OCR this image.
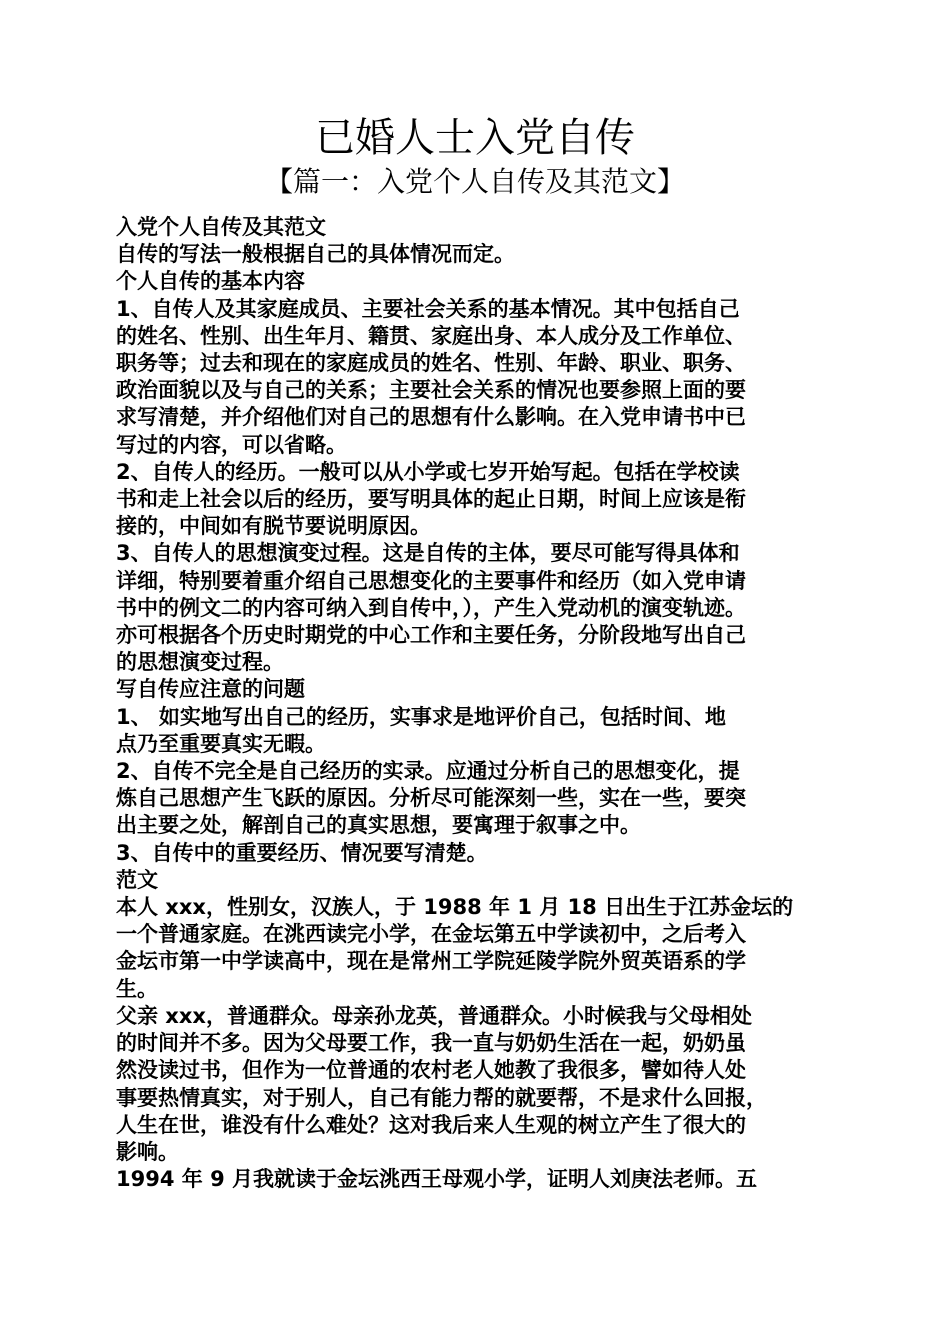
已婚人士入党自传
【篇一：入党个人自传及其范文】
入党个人自传及其范文
自传的写法一般根据自己的具体情况而定。
个人自传的基本内容
1、自传人及其家庭成员、主要社会关系的基本情况。其中包括自己
的姓名、性别、出生年月、籍贯、家庭出身、本人成分及工作单位、
职务等；过去和现在的家庭成员的姓名、性别、年龄、职业、职务、
政治面貌以及与自己的关系；主要社会关系的情况也要参照上面的要
求写清楚，并介绍他们对自己的思想有什么影响。在入党申请书中已
写过的内容，可以省略。
2、自传人的经历。一般可以从小学或七岁开始写起。包括在学校读
书和走上社会以后的经历，要写明具体的起止日期，时间上应该是衔
接的，中间如有脱节要说明原因。
3、自传人的思想演变过程。这是自传的主体，要尽可能写得具体和
详细，特别要着重介绍自己思想变化的主要事件和经历（如入党申请
书中的例文二的内容可纳入到自传中，），产生入党动机的演变轨迹。
亦可根据各个历史时期党的中心工作和主要任务，分阶段地写出自己
的思想演变过程。
写自传应注意的问题
1、 如实地写出自己的经历，实事求是地评价自己，包括时间、地
点乃至重要真实无暇。
2、自传不完全是自己经历的实录。应通过分析自己的思想变化，提
炼自己思想产生飞跃的原因。分析尽可能深刻一些，实在一些，要突
出主要之处，解剖自己的真实思想，要寓理于叙事之中。
3、自传中的重要经历、情况要写清楚。
范文
本人 xxx，性别女，汉族人，于 1988 年 1 月 18 日出生于江苏金坛的
一个普通家庭。在洮西读完小学，在金坛第五中学读初中，之后考入
金坛市第一中学读高中，现在是常州工学院延陵学院外贸英语系的学
生。
父亲 xxx，普通群众。母亲孙龙英，普通群众。小时候我与父母相处
的时间并不多。因为父母要工作，我一直与奶奶生活在一起，奶奶虽
然没读过书，但作为一位普通的农村老人她教了我很多，譬如待人处
事要热情真实，对于别人，自己有能力帮的就要帮，不是求什么回报，
人生在世，谁没有什么难处？这对我后来人生观的树立产生了很大的
影响。
1994 年 9 月我就读于金坛洮西王母观小学，证明人刘庚法老师。五
